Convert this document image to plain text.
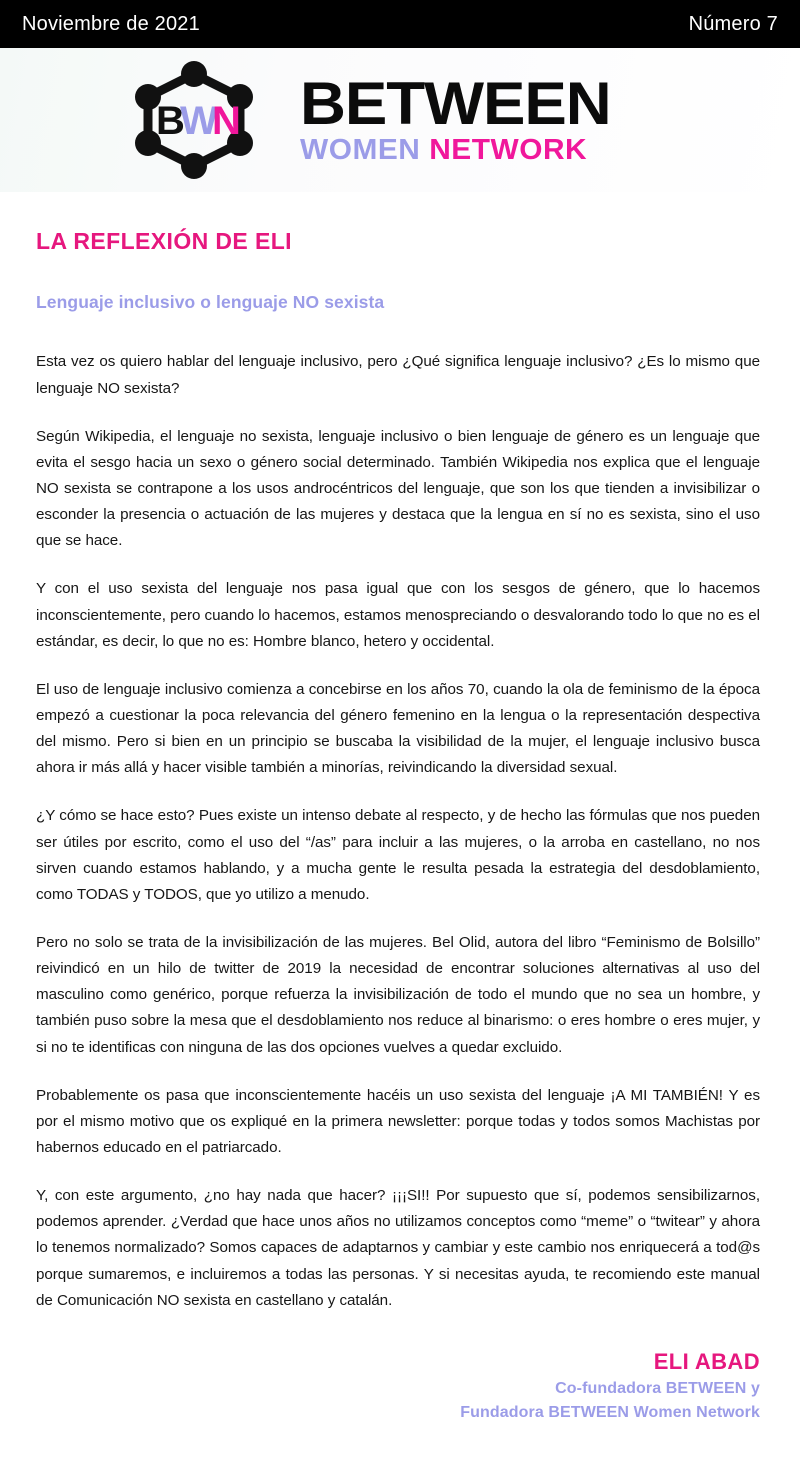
Noviembre de 2021	Número 7
B
W
N BETWEEN
WOMEN NETWORK
LA REFLEXIÓN DE ELI
Lenguaje inclusivo o lenguaje NO sexista

Esta vez os quiero hablar del lenguaje inclusivo, pero ¿Qué significa lenguaje inclusivo? ¿Es lo mismo que lenguaje NO sexista?

Según Wikipedia, el lenguaje no sexista, lenguaje inclusivo o bien lenguaje de género es un lenguaje que evita el sesgo hacia un sexo o género social determinado. También Wikipedia nos explica que el lenguaje NO sexista se contrapone a los usos androcéntricos del lenguaje, que son los que tienden a invisibilizar o esconder la presencia o actuación de las mujeres y destaca que la lengua en sí no es sexista, sino el uso que se hace.

Y con el uso sexista del lenguaje nos pasa igual que con los sesgos de género, que lo hacemos inconscientemente, pero cuando lo hacemos, estamos menospreciando o desvalorando todo lo que no es el estándar, es decir, lo que no es: Hombre blanco, hetero y occidental.

El uso de lenguaje inclusivo comienza a concebirse en los años 70, cuando la ola de feminismo de la época empezó a cuestionar la poca relevancia del género femenino en la lengua o la representación despectiva del mismo. Pero si bien en un principio se buscaba la visibilidad de la mujer, el lenguaje inclusivo busca ahora ir más allá y hacer visible también a minorías, reivindicando la diversidad sexual.

¿Y cómo se hace esto? Pues existe un intenso debate al respecto, y de hecho las fórmulas que nos pueden ser útiles por escrito, como el uso del “/as” para incluir a las mujeres, o la arroba en castellano, no nos sirven cuando estamos hablando, y a mucha gente le resulta pesada la estrategia del desdoblamiento, como TODAS y TODOS, que yo utilizo a menudo.

Pero no solo se trata de la invisibilización de las mujeres. Bel Olid, autora del libro “Feminismo de Bolsillo” reivindicó en un hilo de twitter de 2019 la necesidad de encontrar soluciones alternativas al uso del masculino como genérico, porque refuerza la invisibilización de todo el mundo que no sea un hombre, y también puso sobre la mesa que el desdoblamiento nos reduce al binarismo: o eres hombre o eres mujer, y si no te identificas con ninguna de las dos opciones vuelves a quedar excluido.

Probablemente os pasa que inconscientemente hacéis un uso sexista del lenguaje ¡A MI TAMBIÉN! Y es por el mismo motivo que os expliqué en la primera newsletter: porque todas y todos somos Machistas por habernos educado en el patriarcado.

Y, con este argumento, ¿no hay nada que hacer? ¡¡¡SI!! Por supuesto que sí, podemos sensibilizarnos, podemos aprender. ¿Verdad que hace unos años no utilizamos conceptos como “meme” o “twitear” y ahora lo tenemos normalizado? Somos capaces de adaptarnos y cambiar y este cambio nos enriquecerá a tod@s porque sumaremos, e incluiremos a todas las personas. Y si necesitas ayuda, te recomiendo este manual de Comunicación NO sexista en castellano y catalán.

ELI ABAD
Co-fundadora BETWEEN y
Fundadora BETWEEN Women Network
